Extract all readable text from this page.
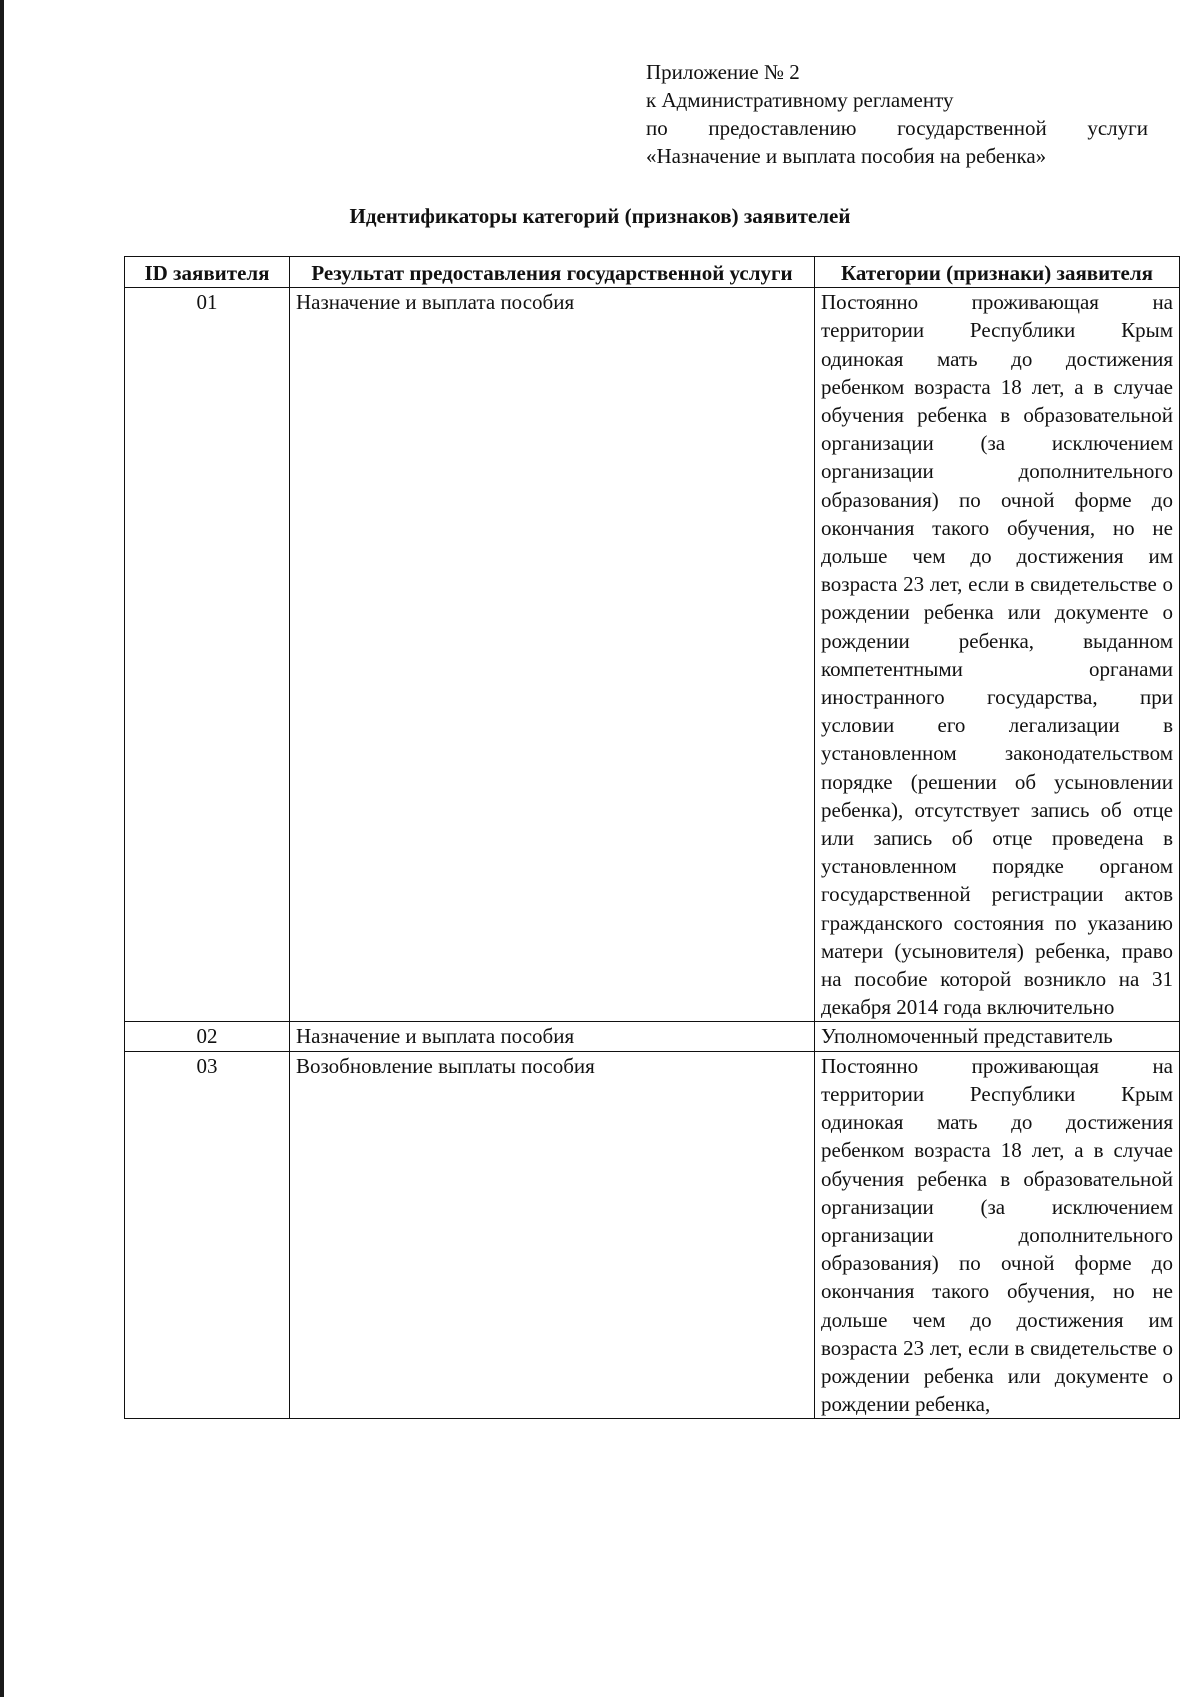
Приложение № 2
к Административному регламенту
по предоставлению государственной услуги
«Назначение и выплата пособия на ребенка»
Идентификаторы категорий (признаков) заявителей
ID заявителя	Результат предоставления государственной услуги	Категории (признаки) заявителя
01	Назначение и выплата пособия	Постоянно проживающая на территории Республики Крым одинокая мать до достижения ребенком возраста 18 лет, а в случае обучения ребенка в образовательной организации (за исключением организации дополнительного образования) по очной форме до окончания такого обучения, но не дольше чем до достижения им возраста 23 лет, если в свидетельстве о рождении ребенка или документе о рождении ребенка, выданном компетентными органами иностранного государства, при условии его легализации в установленном законодательством порядке (решении об усыновлении ребенка), отсутствует запись об отце или запись об отце проведена в установленном порядке органом государственной регистрации актов гражданского состояния по указанию матери (усыновителя) ребенка, право на пособие которой возникло на 31 декабря 2014 года включительно
02	Назначение и выплата пособия	Уполномоченный представитель
03	Возобновление выплаты пособия	Постоянно проживающая на территории Республики Крым одинокая мать до достижения ребенком возраста 18 лет, а в случае обучения ребенка в образовательной организации (за исключением организации дополнительного образования) по очной форме до окончания такого обучения, но не дольше чем до достижения им возраста 23 лет, если в свидетельстве о рождении ребенка или документе о рождении ребенка,
